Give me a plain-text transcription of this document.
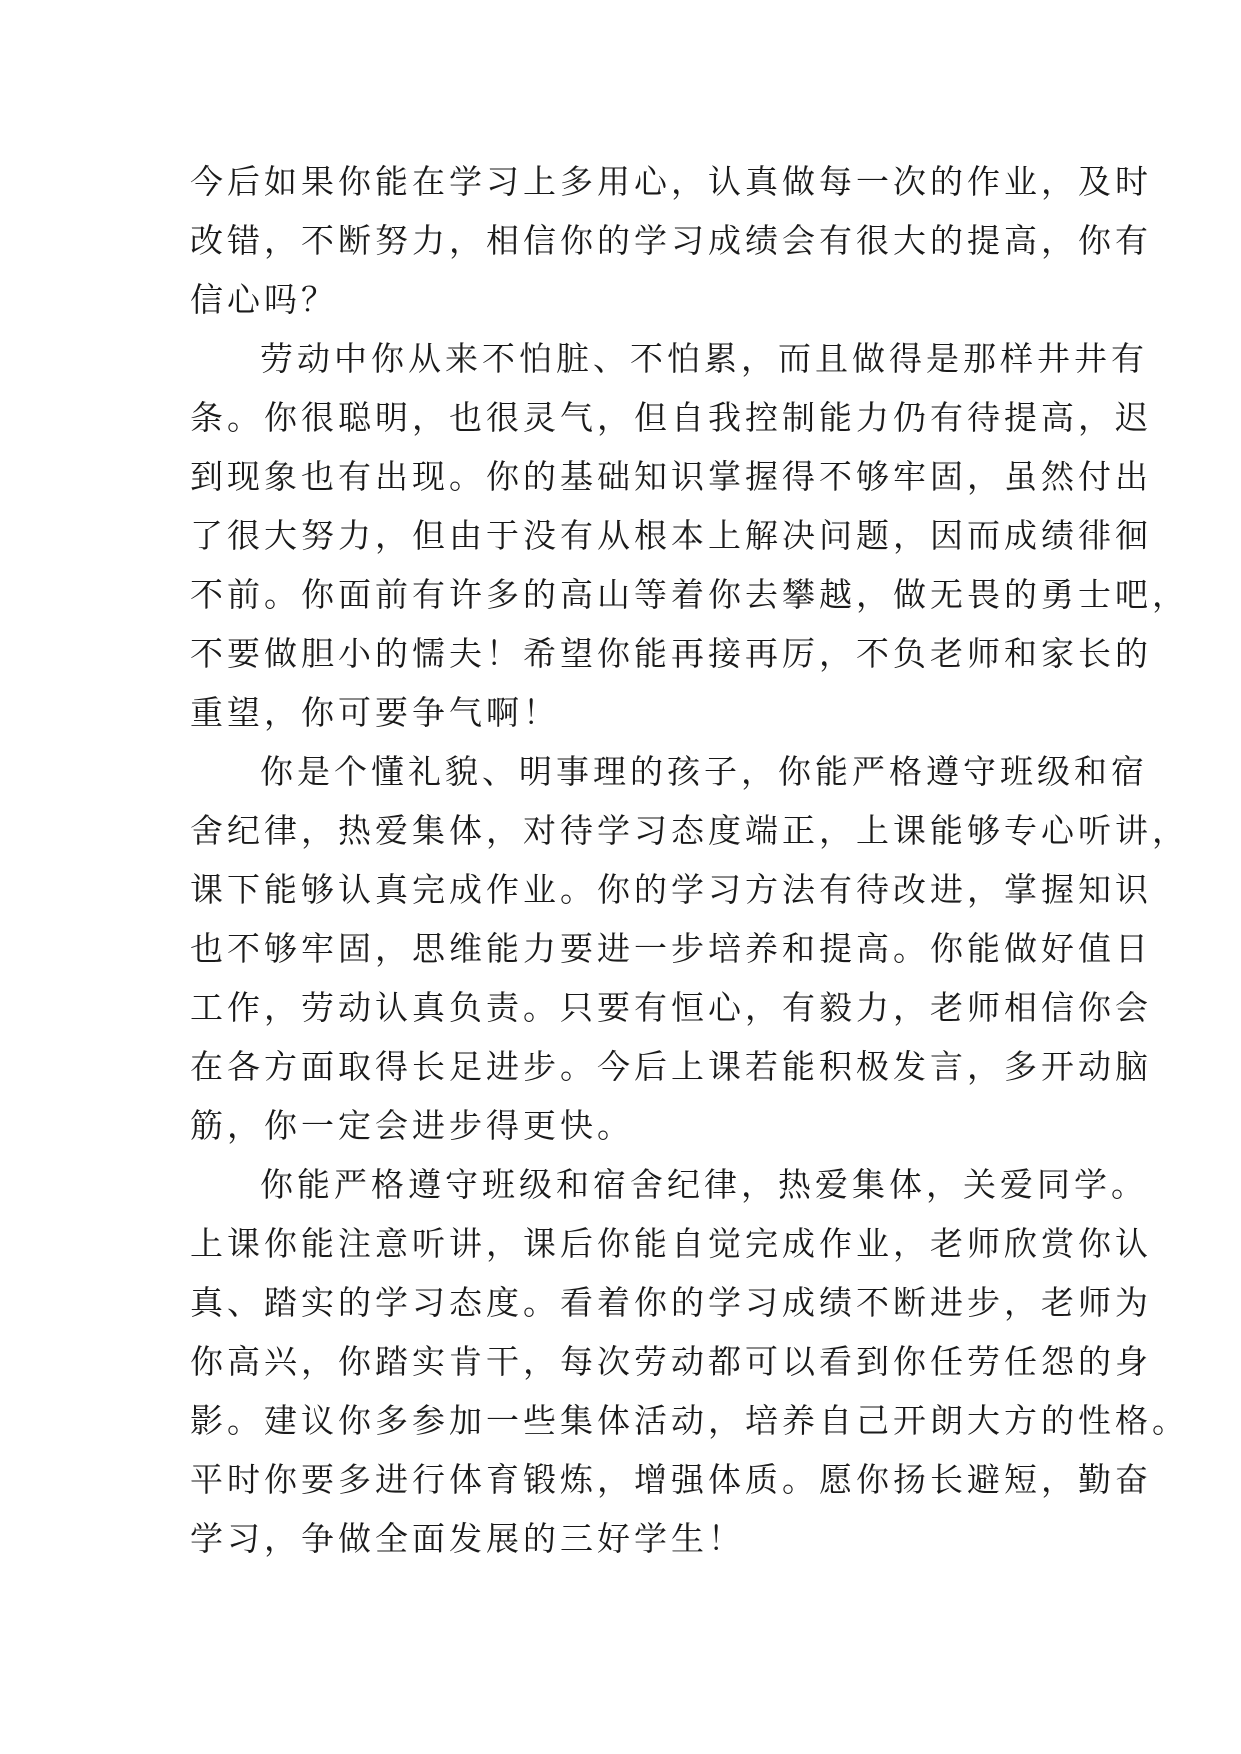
今后如果你能在学习上多用心，认真做每一次的作业，及时
改错，不断努力，相信你的学习成绩会有很大的提高，你有
信心吗？
劳动中你从来不怕脏、不怕累，而且做得是那样井井有
条。你很聪明，也很灵气，但自我控制能力仍有待提高，迟
到现象也有出现。你的基础知识掌握得不够牢固，虽然付出
了很大努力，但由于没有从根本上解决问题，因而成绩徘徊
不前。你面前有许多的高山等着你去攀越，做无畏的勇士吧，
不要做胆小的懦夫！希望你能再接再厉，不负老师和家长的
重望，你可要争气啊！
你是个懂礼貌、明事理的孩子，你能严格遵守班级和宿
舍纪律，热爱集体，对待学习态度端正，上课能够专心听讲，
课下能够认真完成作业。你的学习方法有待改进，掌握知识
也不够牢固，思维能力要进一步培养和提高。你能做好值日
工作，劳动认真负责。只要有恒心，有毅力，老师相信你会
在各方面取得长足进步。今后上课若能积极发言，多开动脑
筋，你一定会进步得更快。
你能严格遵守班级和宿舍纪律，热爱集体，关爱同学。
上课你能注意听讲，课后你能自觉完成作业，老师欣赏你认
真、踏实的学习态度。看着你的学习成绩不断进步，老师为
你高兴，你踏实肯干，每次劳动都可以看到你任劳任怨的身
影。建议你多参加一些集体活动，培养自己开朗大方的性格。
平时你要多进行体育锻炼，增强体质。愿你扬长避短，勤奋
学习，争做全面发展的三好学生！
